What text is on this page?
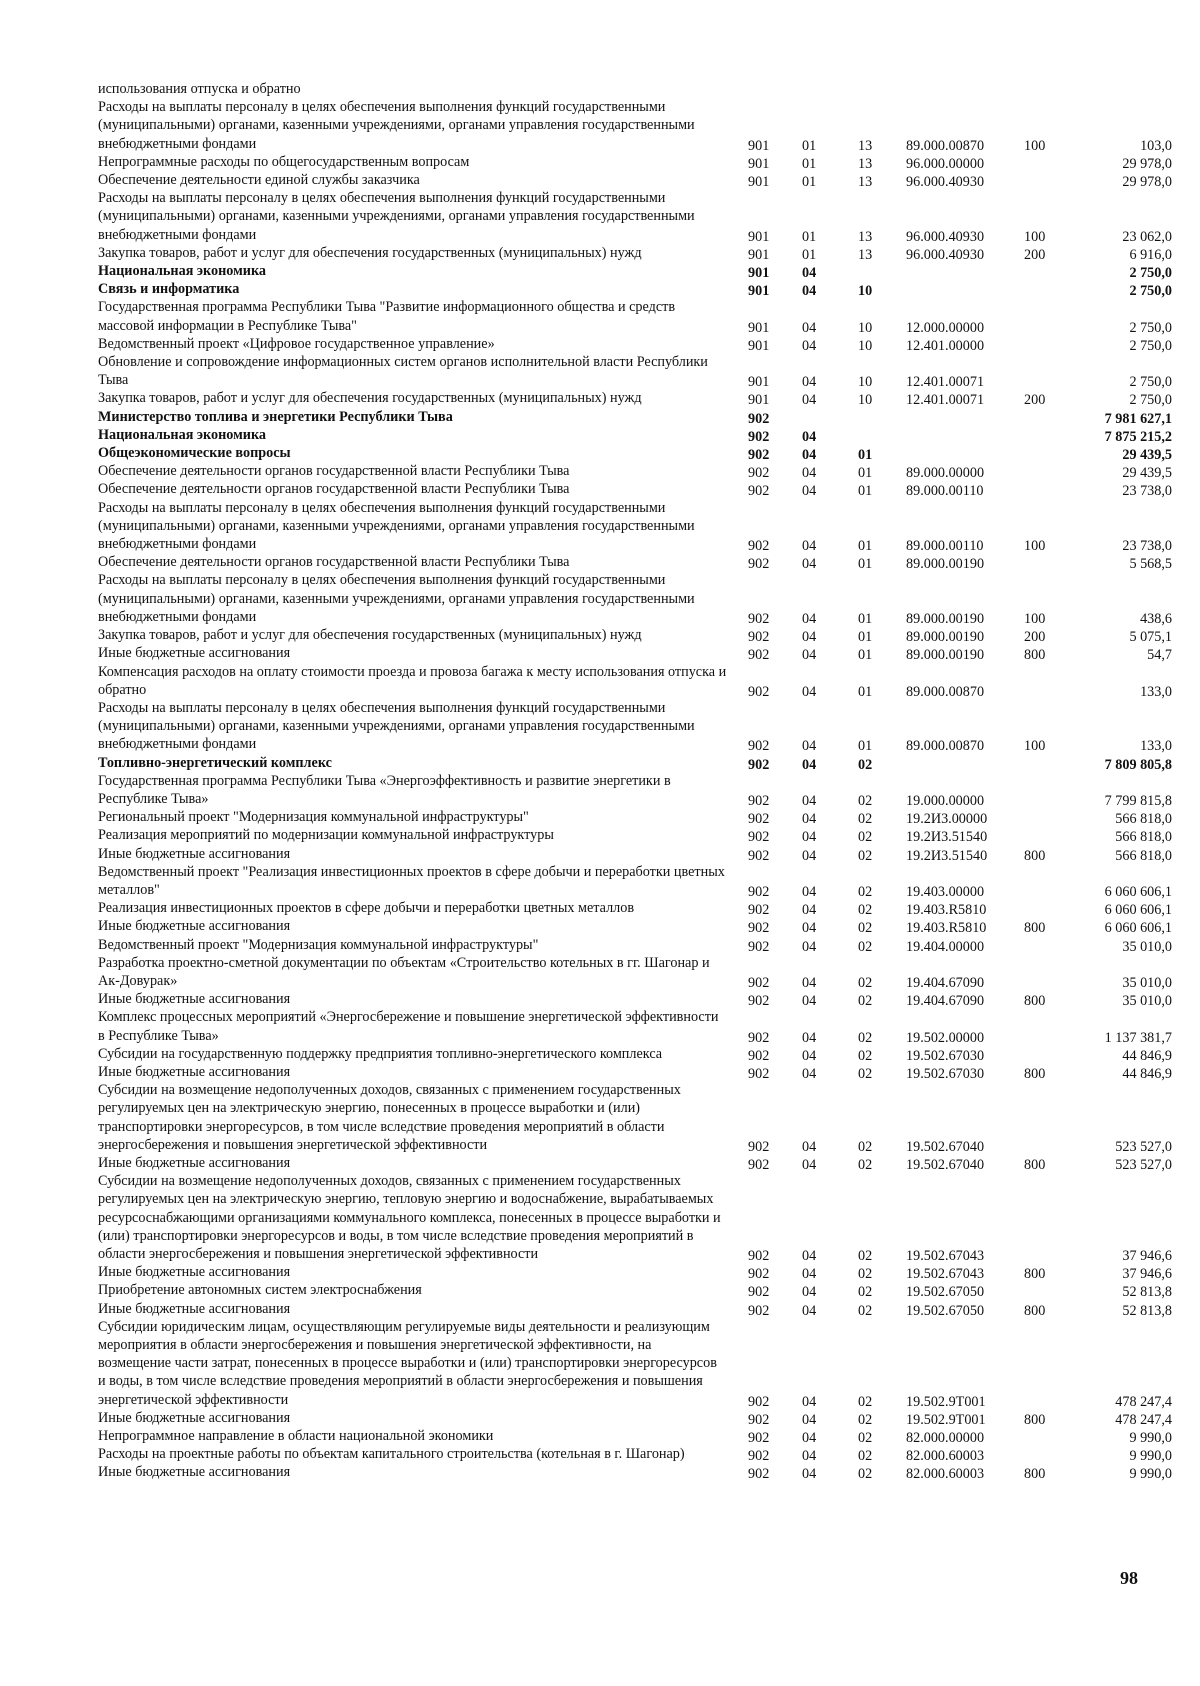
использования отпуска и обратно
Расходы на выплаты персоналу в целях обеспечения выполнения функций государственными (муниципальными) органами, казенными учреждениями, органами управления государственными внебюджетными фондами	901 01	13 89.000.00870	100	103,0
Непрограммные расходы по общегосударственным вопросам	901 01	13 96.000.00000	29 978,0
Обеспечение деятельности единой службы заказчика	901 01	13 96.000.40930	29 978,0
Расходы на выплаты персоналу в целях обеспечения выполнения функций государственными (муниципальными) органами, казенными учреждениями, органами управления государственными внебюджетными фондами	901 01	13 96.000.40930	100	23 062,0
Закупка товаров, работ и услуг для обеспечения государственных (муниципальных) нужд	901 01	13 96.000.40930	200	6 916,0
Национальная экономика	901 04	2 750,0
Связь и информатика	901 04	10	2 750,0
Государственная программа Республики Тыва "Развитие информационного общества и средств массовой информации в Республике Тыва"	901 04	10 12.000.00000	2 750,0
Ведомственный проект «Цифровое государственное управление»	901 04	10 12.401.00000	2 750,0
Обновление и сопровождение информационных систем органов исполнительной власти Республики Тыва	901 04	10 12.401.00071	2 750,0
Закупка товаров, работ и услуг для обеспечения государственных (муниципальных) нужд	901 04	10 12.401.00071	200	2 750,0
Министерство топлива и энергетики Республики Тыва	902	7 981 627,1
Национальная экономика	902 04	7 875 215,2
Общеэкономические вопросы	902 04	01	29 439,5
Обеспечение деятельности органов государственной власти Республики Тыва	902 04	01 89.000.00000	29 439,5
Обеспечение деятельности органов государственной власти Республики Тыва	902 04	01 89.000.00110	23 738,0
Расходы на выплаты персоналу в целях обеспечения выполнения функций государственными (муниципальными) органами, казенными учреждениями, органами управления государственными внебюджетными фондами	902 04	01 89.000.00110	100	23 738,0
Обеспечение деятельности органов государственной власти Республики Тыва	902 04	01 89.000.00190	5 568,5
Расходы на выплаты персоналу в целях обеспечения выполнения функций государственными (муниципальными) органами, казенными учреждениями, органами управления государственными внебюджетными фондами	902 04	01 89.000.00190	100	438,6
Закупка товаров, работ и услуг для обеспечения государственных (муниципальных) нужд	902 04	01 89.000.00190	200	5 075,1
Иные бюджетные ассигнования	902 04	01 89.000.00190	800	54,7
Компенсация расходов на оплату стоимости проезда и провоза багажа к месту использования отпуска и обратно	902 04	01 89.000.00870	133,0
Расходы на выплаты персоналу в целях обеспечения выполнения функций государственными (муниципальными) органами, казенными учреждениями, органами управления государственными внебюджетными фондами	902 04	01 89.000.00870	100	133,0
Топливно-энергетический комплекс	902 04	02	7 809 805,8
Государственная программа Республики Тыва «Энергоэффективность и развитие энергетики в Республике Тыва»	902 04	02 19.000.00000	7 799 815,8
Региональный проект "Модернизация коммунальной инфраструктуры"	902 04	02 19.2И3.00000	566 818,0
Реализация мероприятий по модернизации коммунальной инфраструктуры	902 04	02 19.2И3.51540	566 818,0
Иные бюджетные ассигнования	902 04	02 19.2И3.51540	800	566 818,0
Ведомственный проект "Реализация инвестиционных проектов в сфере добычи и переработки цветных металлов"	902 04	02 19.403.00000	6 060 606,1
Реализация инвестиционных проектов в сфере добычи и переработки цветных металлов	902 04	02 19.403.R5810	6 060 606,1
Иные бюджетные ассигнования	902 04	02 19.403.R5810	800	6 060 606,1
Ведомственный проект "Модернизация коммунальной инфраструктуры"	902 04	02 19.404.00000	35 010,0
Разработка проектно-сметной документации по объектам «Строительство котельных в гг. Шагонар и Ак-Довурак»	902 04	02 19.404.67090	35 010,0
Иные бюджетные ассигнования	902 04	02 19.404.67090	800	35 010,0
Комплекс процессных мероприятий «Энергосбережение и повышение энергетической эффективности в Республике Тыва»	902 04	02 19.502.00000	1 137 381,7
Субсидии на государственную поддержку предприятия топливно-энергетического комплекса	902 04	02 19.502.67030	44 846,9
Иные бюджетные ассигнования	902 04	02 19.502.67030	800	44 846,9
Субсидии на возмещение недополученных доходов, связанных с применением государственных регулируемых цен на электрическую энергию, понесенных в процессе выработки и (или) транспортировки энергоресурсов, в том числе вследствие проведения мероприятий в области энергосбережения и повышения энергетической эффективности	902 04	02 19.502.67040	523 527,0
Иные бюджетные ассигнования	902 04	02 19.502.67040	800	523 527,0
Субсидии на возмещение недополученных доходов, связанных с применением государственных регулируемых цен на электрическую энергию, тепловую энергию и водоснабжение, вырабатываемых ресурсоснабжающими организациями коммунального комплекса, понесенных в процессе выработки и (или) транспортировки энергоресурсов и воды, в том числе вследствие проведения мероприятий в области энергосбережения и повышения энергетической эффективности	902 04	02 19.502.67043	37 946,6
Иные бюджетные ассигнования	902 04	02 19.502.67043	800	37 946,6
Приобретение автономных систем электроснабжения	902 04	02 19.502.67050	52 813,8
Иные бюджетные ассигнования	902 04	02 19.502.67050	800	52 813,8
Субсидии юридическим лицам, осуществляющим регулируемые виды деятельности и реализующим мероприятия в области энергосбережения и повышения энергетической эффективности, на возмещение части затрат, понесенных в процессе выработки и (или) транспортировки энергоресурсов и воды, в том числе вследствие проведения мероприятий в области энергосбережения и повышения энергетической эффективности	902 04	02 19.502.9Т001	478 247,4
Иные бюджетные ассигнования	902 04	02 19.502.9Т001	800	478 247,4
Непрограммное направление в области национальной экономики	902 04	02 82.000.00000	9 990,0
Расходы на проектные работы по объектам капитального строительства (котельная в г. Шагонар)	902 04	02 82.000.60003	9 990,0
Иные бюджетные ассигнования	902 04	02 82.000.60003	800	9 990,0
98
